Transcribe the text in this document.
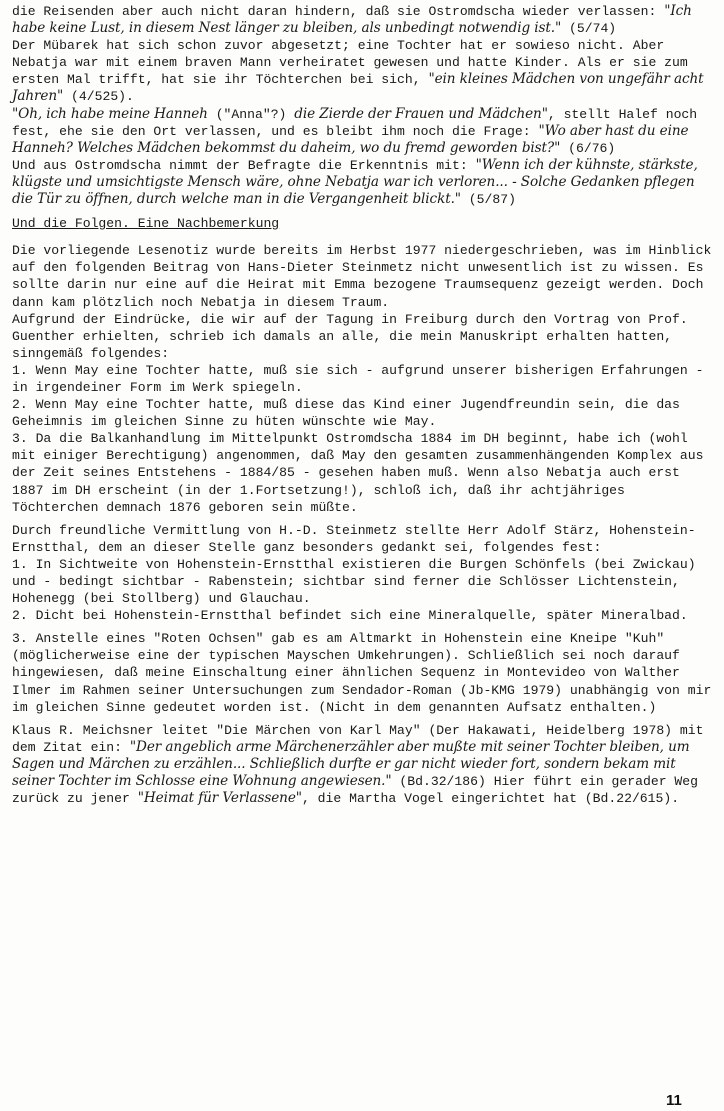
die Reisenden aber auch nicht daran hindern, daß sie Ostromdscha wieder verlassen: "Ich habe keine Lust, in diesem Nest länger zu bleiben, als unbedingt notwendig ist." (5/74)

Der Mübarek hat sich schon zuvor abgesetzt; eine Tochter hat er sowieso nicht. Aber Nebatja war mit einem braven Mann verheiratet gewesen und hatte Kinder. Als er sie zum ersten Mal trifft, hat sie ihr Töchterchen bei sich, "ein kleines Mädchen von ungefähr acht Jahren" (4/525).

"Oh, ich habe meine Hanneh ("Anna"?) die Zierde der Frauen und Mädchen", stellt Halef noch fest, ehe sie den Ort verlassen, und es bleibt ihm noch die Frage: "Wo aber hast du eine Hanneh? Welches Mädchen bekommst du daheim, wo du fremd geworden bist?" (6/76)

Und aus Ostromdscha nimmt der Befragte die Erkenntnis mit: "Wenn ich der kühnste, stärkste, klügste und umsichtigste Mensch wäre, ohne Nebatja war ich verloren... - Solche Gedanken pflegen die Tür zu öffnen, durch welche man in die Vergangenheit blickt." (5/87)

Und die Folgen. Eine Nachbemerkung

Die vorliegende Lesenotiz wurde bereits im Herbst 1977 niedergeschrieben, was im Hinblick auf den folgenden Beitrag von Hans-Dieter Steinmetz nicht unwesentlich ist zu wissen. Es sollte darin nur eine auf die Heirat mit Emma bezogene Traumsequenz gezeigt werden. Doch dann kam plötzlich noch Nebatja in diesem Traum.

Aufgrund der Eindrücke, die wir auf der Tagung in Freiburg durch den Vortrag von Prof. Guenther erhielten, schrieb ich damals an alle, die mein Manuskript erhalten hatten, sinngemäß folgendes:

1. Wenn May eine Tochter hatte, muß sie sich - aufgrund unserer bisherigen Erfahrungen - in irgendeiner Form im Werk spiegeln.

2. Wenn May eine Tochter hatte, muß diese das Kind einer Jugendfreundin sein, die das Geheimnis im gleichen Sinne zu hüten wünschte wie May.

3. Da die Balkanhandlung im Mittelpunkt Ostromdscha 1884 im DH beginnt, habe ich (wohl mit einiger Berechtigung) angenommen, daß May den gesamten zusammenhängenden Komplex aus der Zeit seines Entstehens - 1884/85 - gesehen haben muß. Wenn also Nebatja auch erst 1887 im DH erscheint (in der 1.Fortsetzung!), schloß ich, daß ihr achtjähriges Töchterchen demnach 1876 geboren sein müßte.

Durch freundliche Vermittlung von H.-D. Steinmetz stellte Herr Adolf Stärz, Hohenstein-Ernstthal, dem an dieser Stelle ganz besonders gedankt sei, folgendes fest:

1. In Sichtweite von Hohenstein-Ernstthal existieren die Burgen Schönfels (bei Zwickau) und - bedingt sichtbar - Rabenstein; sichtbar sind ferner die Schlösser Lichtenstein, Hohenegg (bei Stollberg) und Glauchau.

2. Dicht bei Hohenstein-Ernstthal befindet sich eine Mineralquelle, später Mineralbad.

3. Anstelle eines "Roten Ochsen" gab es am Altmarkt in Hohenstein eine Kneipe "Kuh" (möglicherweise eine der typischen Mayschen Umkehrungen). Schließlich sei noch darauf hingewiesen, daß meine Einschaltung einer ähnlichen Sequenz in Montevideo von Walther Ilmer im Rahmen seiner Untersuchungen zum Sendador-Roman (Jb-KMG 1979) unabhängig von mir im gleichen Sinne gedeutet worden ist. (Nicht in dem genannten Aufsatz enthalten.)

Klaus R. Meichsner leitet "Die Märchen von Karl May" (Der Hakawati, Heidelberg 1978) mit dem Zitat ein: "Der angeblich arme Märchenerzähler aber mußte mit seiner Tochter bleiben, um Sagen und Märchen zu erzählen... Schließlich durfte er gar nicht wieder fort, sondern bekam mit seiner Tochter im Schlosse eine Wohnung angewiesen." (Bd.32/186) Hier führt ein gerader Weg zurück zu jener "Heimat für Verlassene", die Martha Vogel eingerichtet hat (Bd.22/615).

11
